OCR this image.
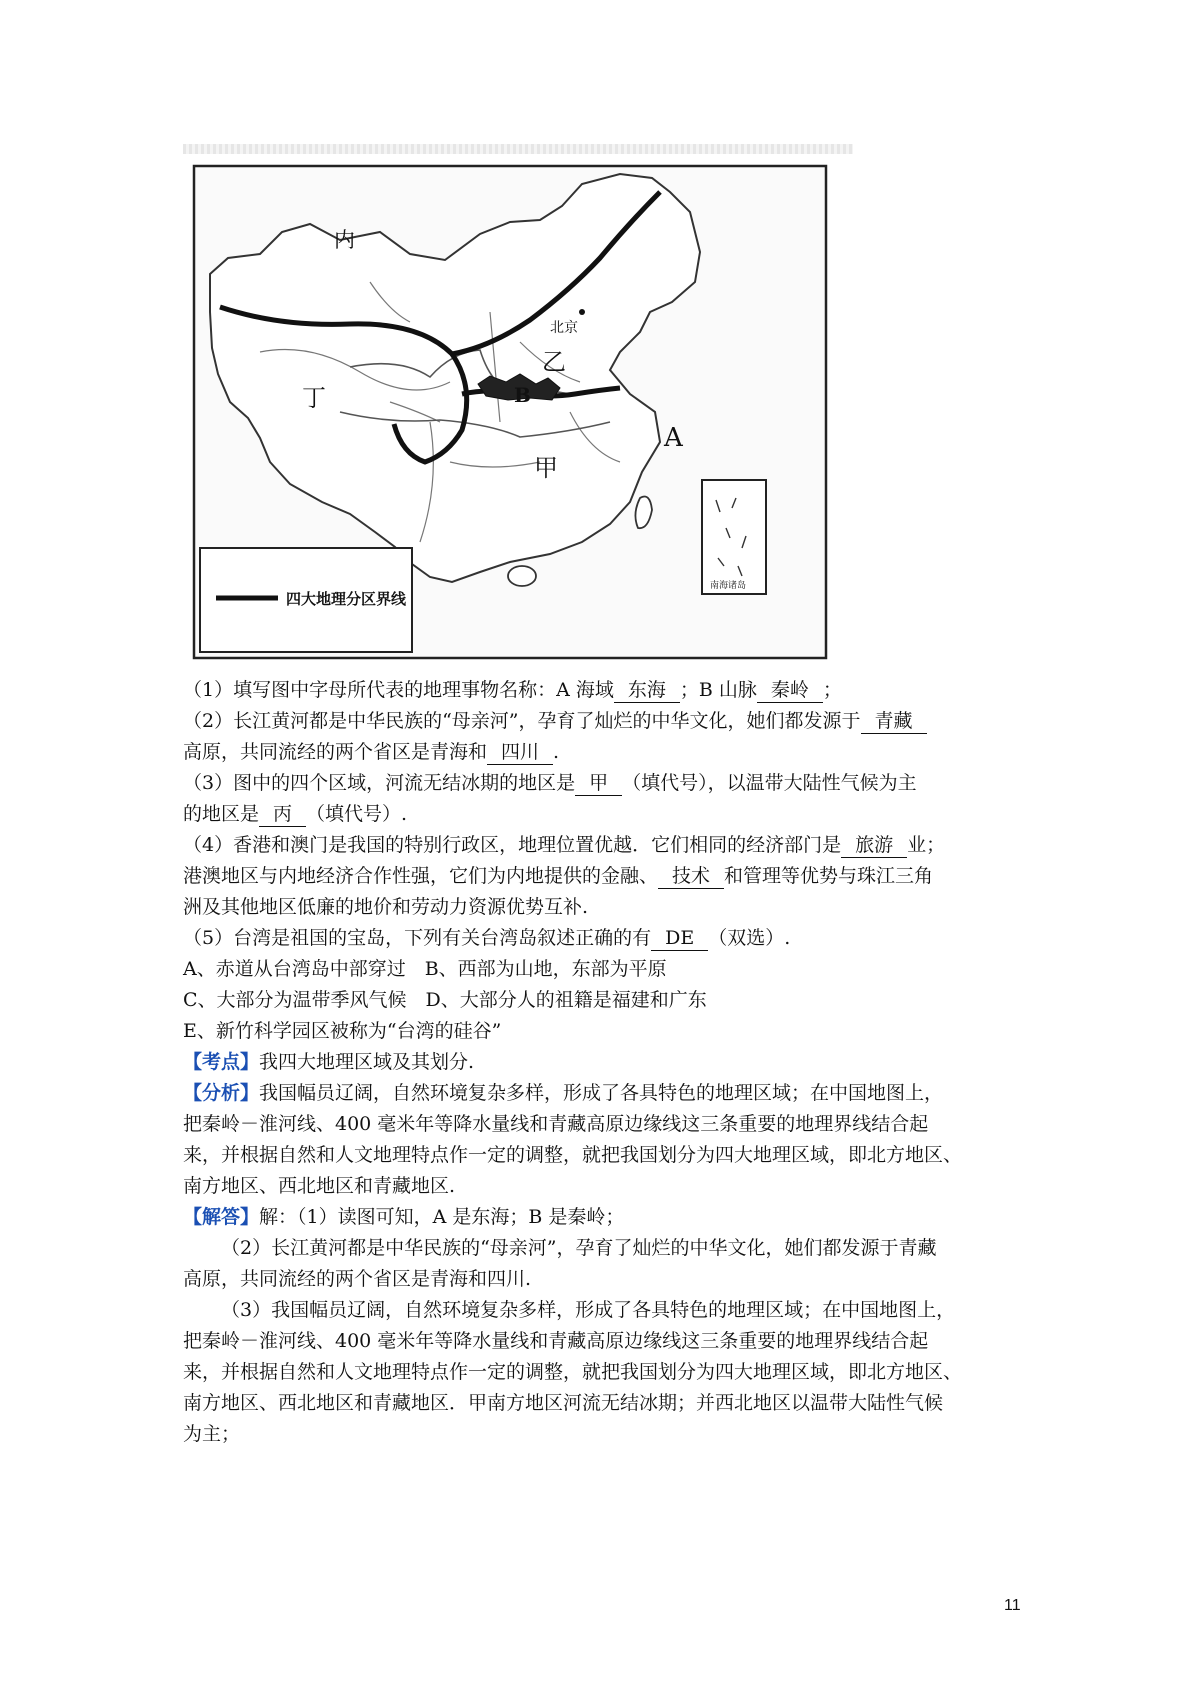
内
丁
乙
B
甲
A
北京
南海诸岛
四大地理分区界线
（1）填写图中字母所代表的地理事物名称：A 海域 东海 ；B 山脉 秦岭 ；
（2）长江黄河都是中华民族的“母亲河”，孕育了灿烂的中华文化，她们都发源于 青藏
高原，共同流经的两个省区是青海和 四川 .
（3）图中的四个区域，河流无结冰期的地区是 甲 （填代号），以温带大陆性气候为主
的地区是 丙 （填代号）.
（4）香港和澳门是我国的特别行政区，地理位置优越．它们相同的经济部门是 旅游 业；
港澳地区与内地经济合作性强，它们为内地提供的金融、 技术 和管理等优势与珠江三角
洲及其他地区低廉的地价和劳动力资源优势互补.
（5）台湾是祖国的宝岛，下列有关台湾岛叙述正确的有 DE （双选）.
A、赤道从台湾岛中部穿过　B、西部为山地，东部为平原
C、大部分为温带季风气候　D、大部分人的祖籍是福建和广东
E、新竹科学园区被称为“台湾的硅谷”
【考点】我四大地理区域及其划分.
【分析】我国幅员辽阔，自然环境复杂多样，形成了各具特色的地理区域；在中国地图上，
把秦岭－淮河线、400 毫米年等降水量线和青藏高原边缘线这三条重要的地理界线结合起
来，并根据自然和人文地理特点作一定的调整，就把我国划分为四大地理区域，即北方地区、
南方地区、西北地区和青藏地区.
【解答】解：（1）读图可知，A 是东海；B 是秦岭；
（2）长江黄河都是中华民族的“母亲河”，孕育了灿烂的中华文化，她们都发源于青藏
高原，共同流经的两个省区是青海和四川.
（3）我国幅员辽阔，自然环境复杂多样，形成了各具特色的地理区域；在中国地图上，
把秦岭－淮河线、400 毫米年等降水量线和青藏高原边缘线这三条重要的地理界线结合起
来，并根据自然和人文地理特点作一定的调整，就把我国划分为四大地理区域，即北方地区、
南方地区、西北地区和青藏地区．甲南方地区河流无结冰期；并西北地区以温带大陆性气候
为主；
11
